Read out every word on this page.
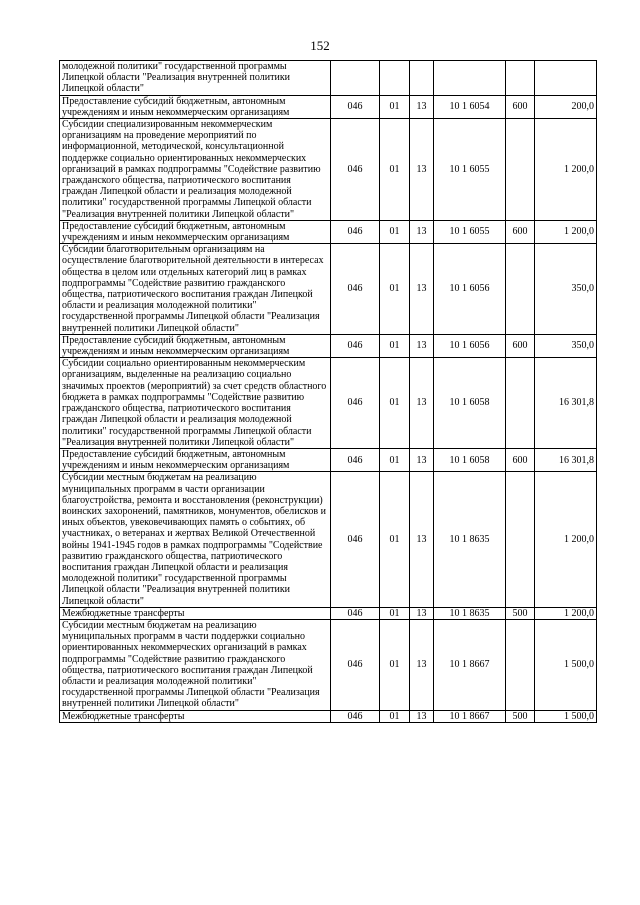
152
молодежной политики" государственной программы Липецкой области "Реализация внутренней политики Липецкой области"						
Предоставление субсидий бюджетным, автономным учреждениям и иным некоммерческим организациям	046	01	13	10 1 6054	600	200,0
Субсидии специализированным некоммерческим организациям на проведение мероприятий по информационной, методической, консультационной поддержке социально ориентированных некоммерческих организаций в рамках подпрограммы "Содействие развитию гражданского общества, патриотического воспитания граждан Липецкой области и реализация молодежной политики" государственной программы Липецкой области "Реализация внутренней политики Липецкой области"	046	01	13	10 1 6055		1 200,0
Предоставление субсидий бюджетным, автономным учреждениям и иным некоммерческим организациям	046	01	13	10 1 6055	600	1 200,0
Субсидии благотворительным организациям на осуществление благотворительной деятельности в интересах общества в целом или отдельных категорий лиц в рамках подпрограммы "Содействие развитию гражданского общества, патриотического воспитания граждан Липецкой области и реализация молодежной политики" государственной программы Липецкой области "Реализация внутренней политики Липецкой области"	046	01	13	10 1 6056		350,0
Предоставление субсидий бюджетным, автономным учреждениям и иным некоммерческим организациям	046	01	13	10 1 6056	600	350,0
Субсидии социально ориентированным некоммерческим организациям, выделенные на реализацию социально значимых проектов (мероприятий) за счет средств областного бюджета в рамках подпрограммы "Содействие развитию гражданского общества, патриотического воспитания граждан Липецкой области и реализация молодежной политики" государственной программы Липецкой области "Реализация внутренней политики Липецкой области"	046	01	13	10 1 6058		16 301,8
Предоставление субсидий бюджетным, автономным учреждениям и иным некоммерческим организациям	046	01	13	10 1 6058	600	16 301,8
Субсидии местным бюджетам на реализацию муниципальных программ в части организации благоустройства, ремонта и восстановления (реконструкции) воинских захоронений, памятников, монументов, обелисков и иных объектов, увековечивающих память о событиях, об участниках, о ветеранах и жертвах Великой Отечественной войны 1941-1945 годов в рамках подпрограммы "Содействие развитию гражданского общества, патриотического воспитания граждан Липецкой области и реализация молодежной политики" государственной программы Липецкой области "Реализация внутренней политики Липецкой области"	046	01	13	10 1 8635		1 200,0
Межбюджетные трансферты	046	01	13	10 1 8635	500	1 200,0
Субсидии местным бюджетам на реализацию муниципальных программ в части поддержки социально ориентированных некоммерческих организаций в рамках подпрограммы "Содействие развитию гражданского общества, патриотического воспитания граждан Липецкой области и реализация молодежной политики" государственной программы Липецкой области "Реализация внутренней политики Липецкой области"	046	01	13	10 1 8667		1 500,0
Межбюджетные трансферты	046	01	13	10 1 8667	500	1 500,0
